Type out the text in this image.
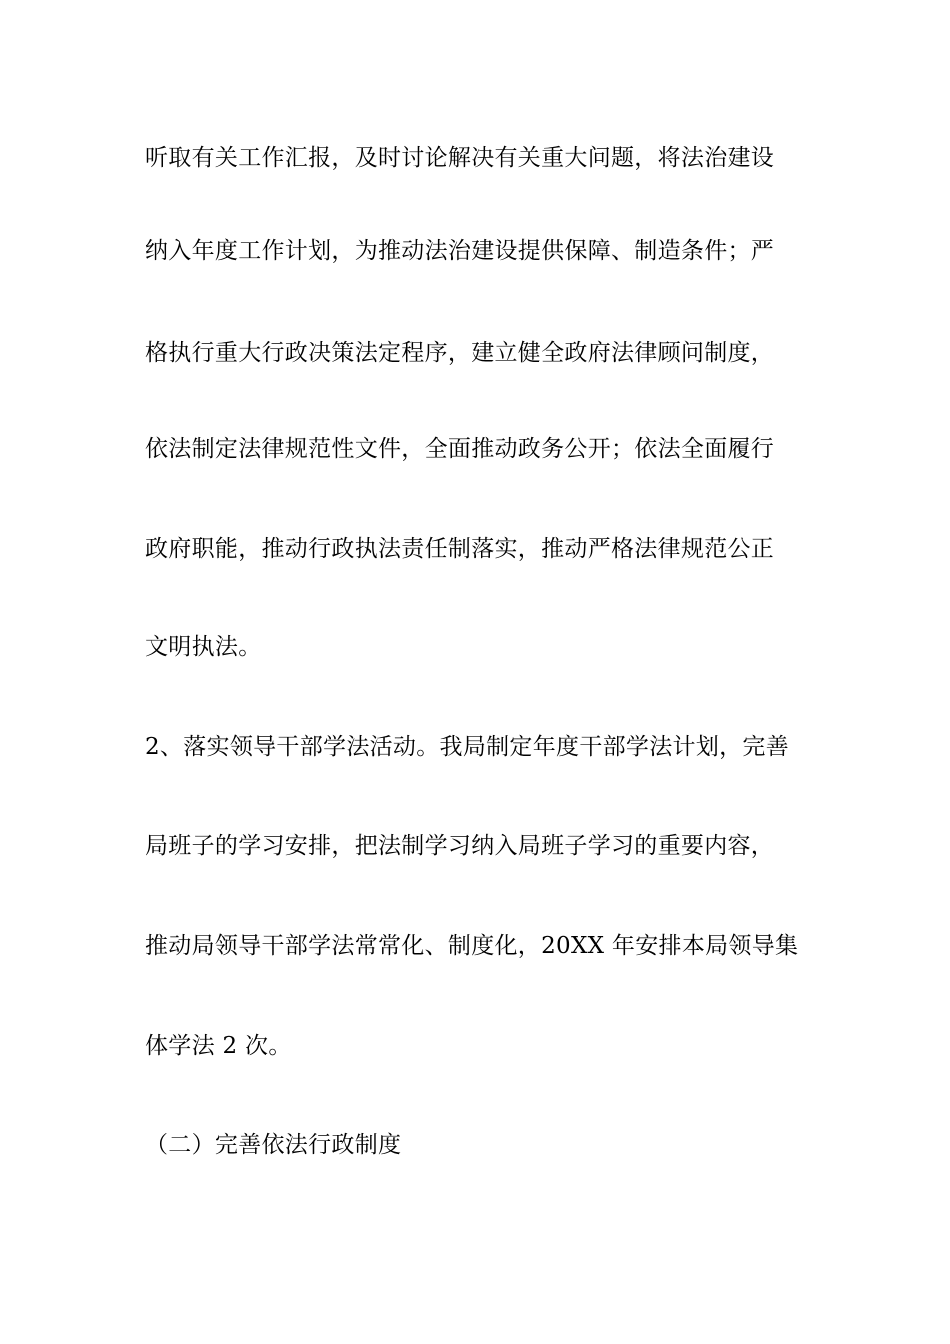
听取有关工作汇报，及时讨论解决有关重大问题，将法治建设
纳入年度工作计划，为推动法治建设提供保障、制造条件；严
格执行重大行政决策法定程序，建立健全政府法律顾问制度，
依法制定法律规范性文件，全面推动政务公开；依法全面履行
政府职能，推动行政执法责任制落实，推动严格法律规范公正
文明执法。
2、落实领导干部学法活动。我局制定年度干部学法计划，完善
局班子的学习安排，把法制学习纳入局班子学习的重要内容，
推动局领导干部学法常常化、制度化，20XX 年安排本局领导集
体学法 2 次。
（二）完善依法行政制度
